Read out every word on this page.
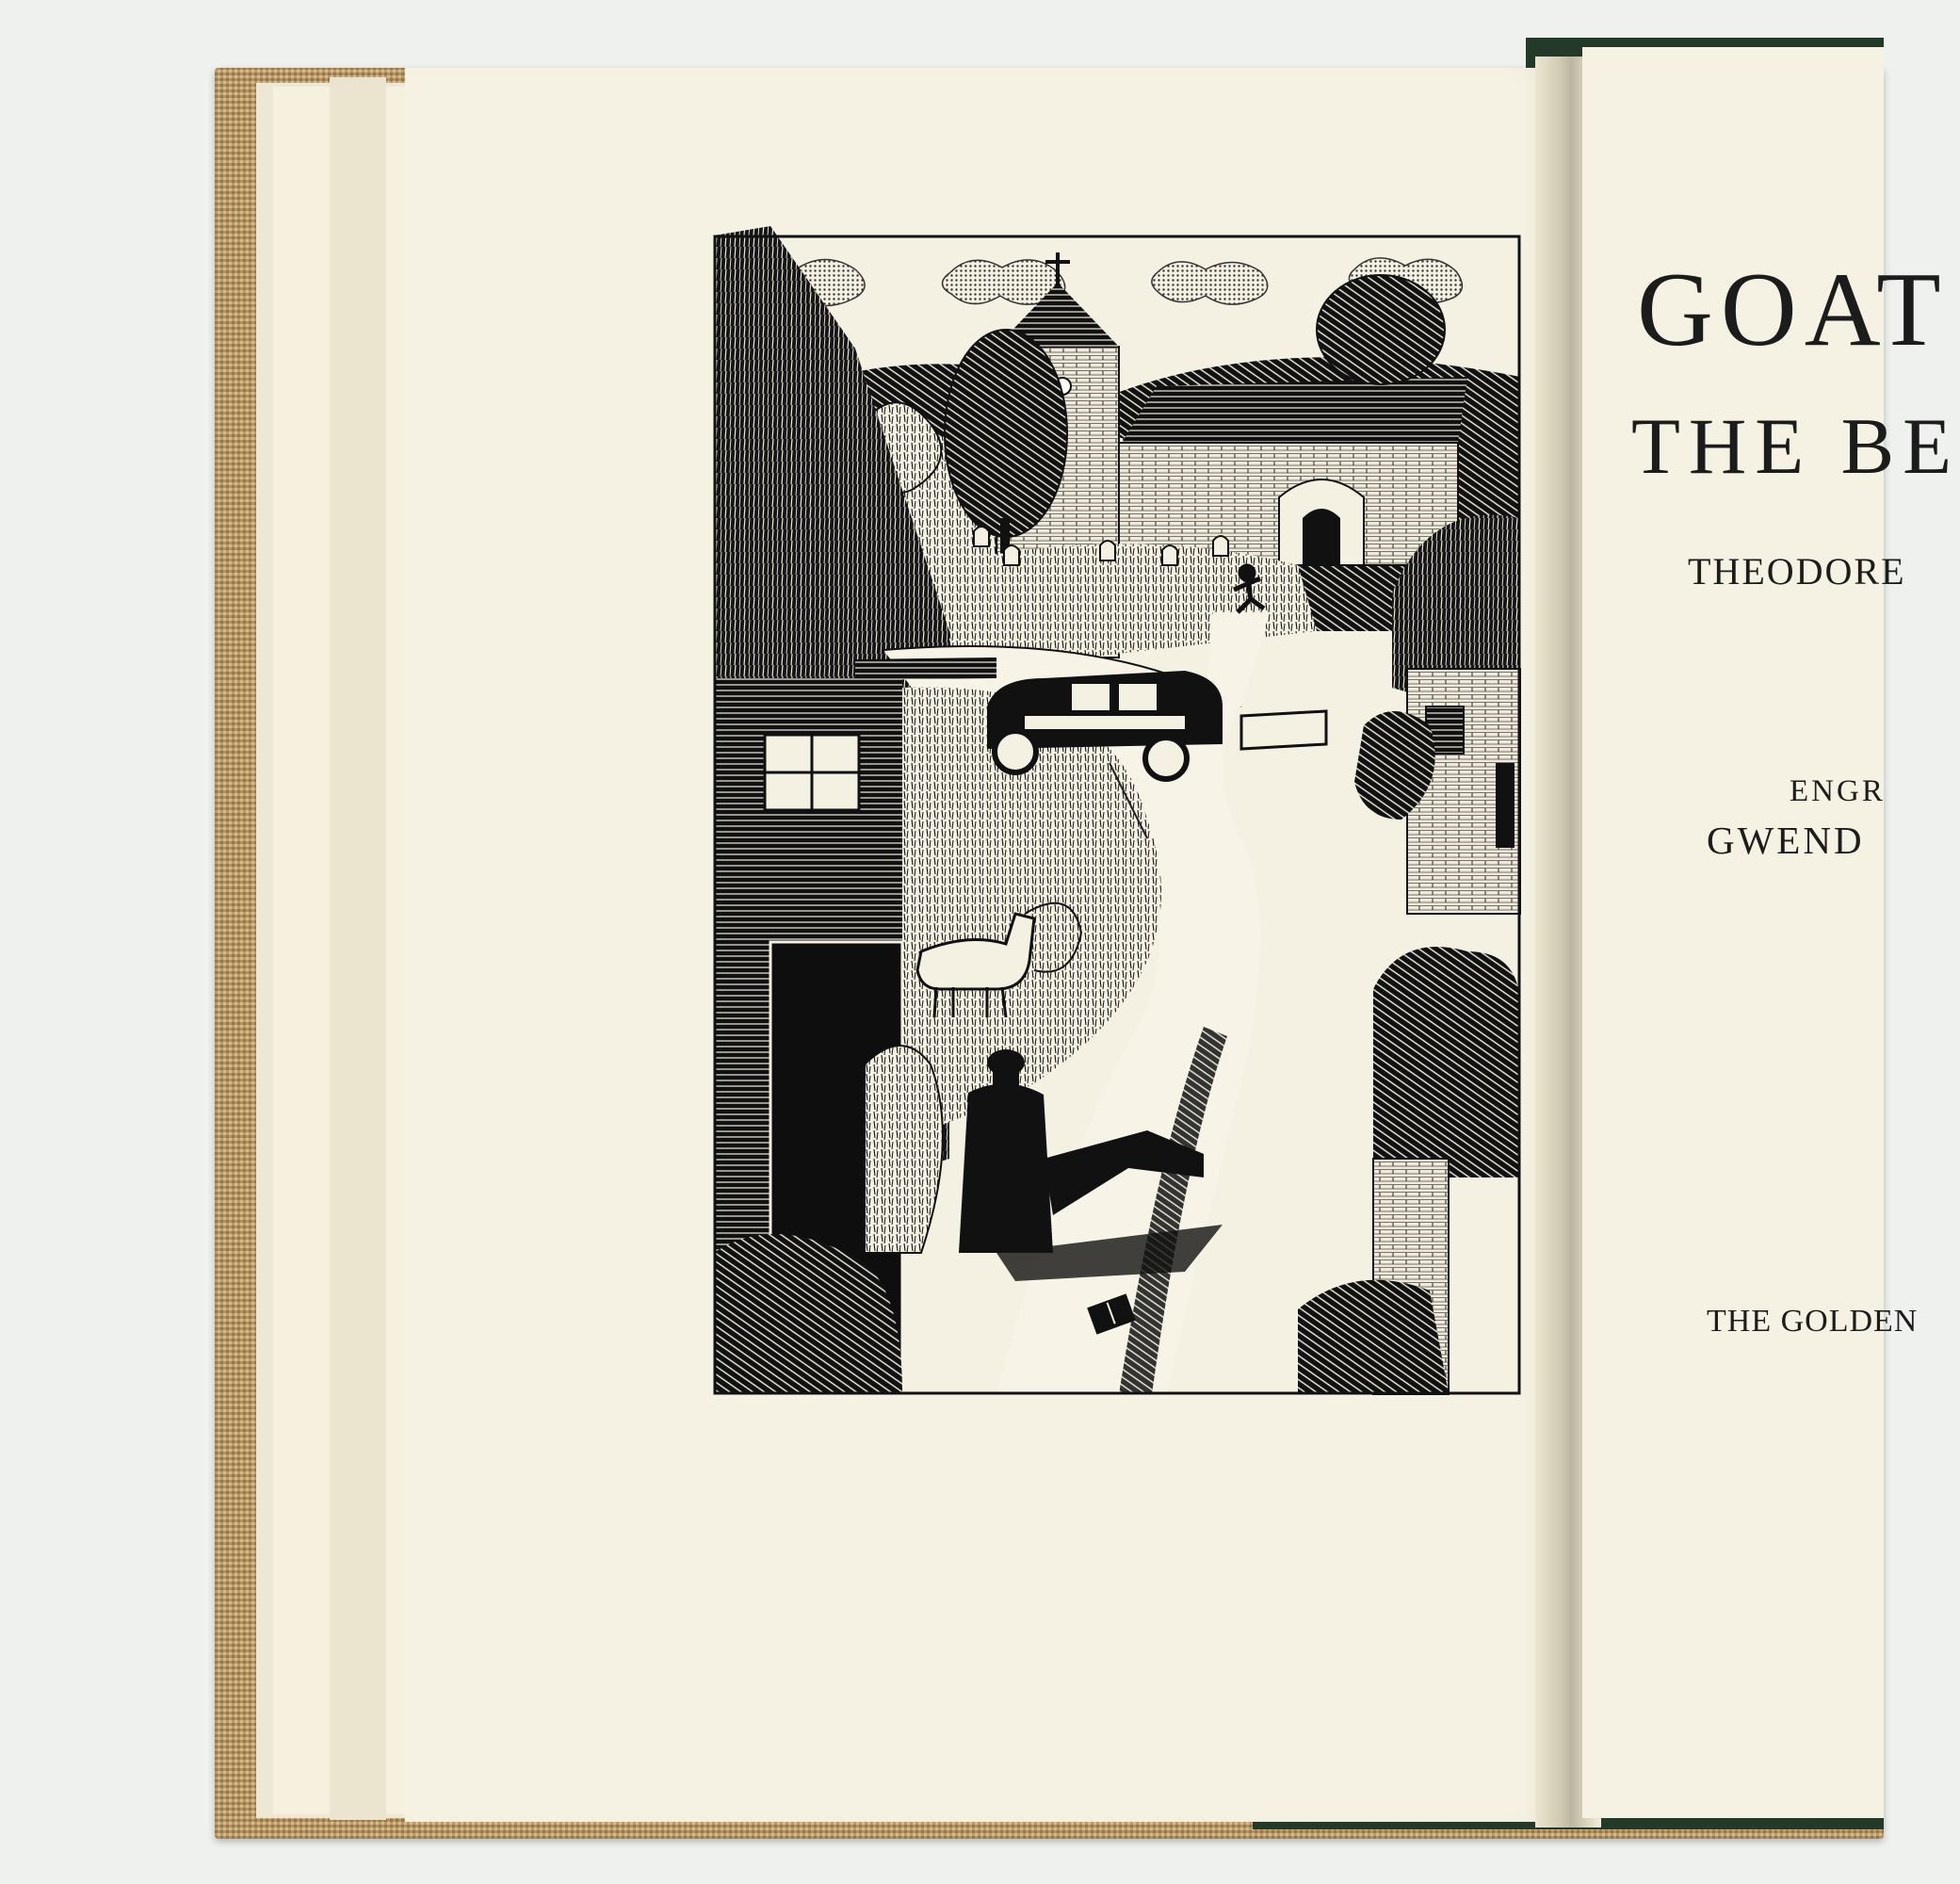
GOAT
THE BE
THEODORE
ENGR
GWEND
THE GOLDEN
